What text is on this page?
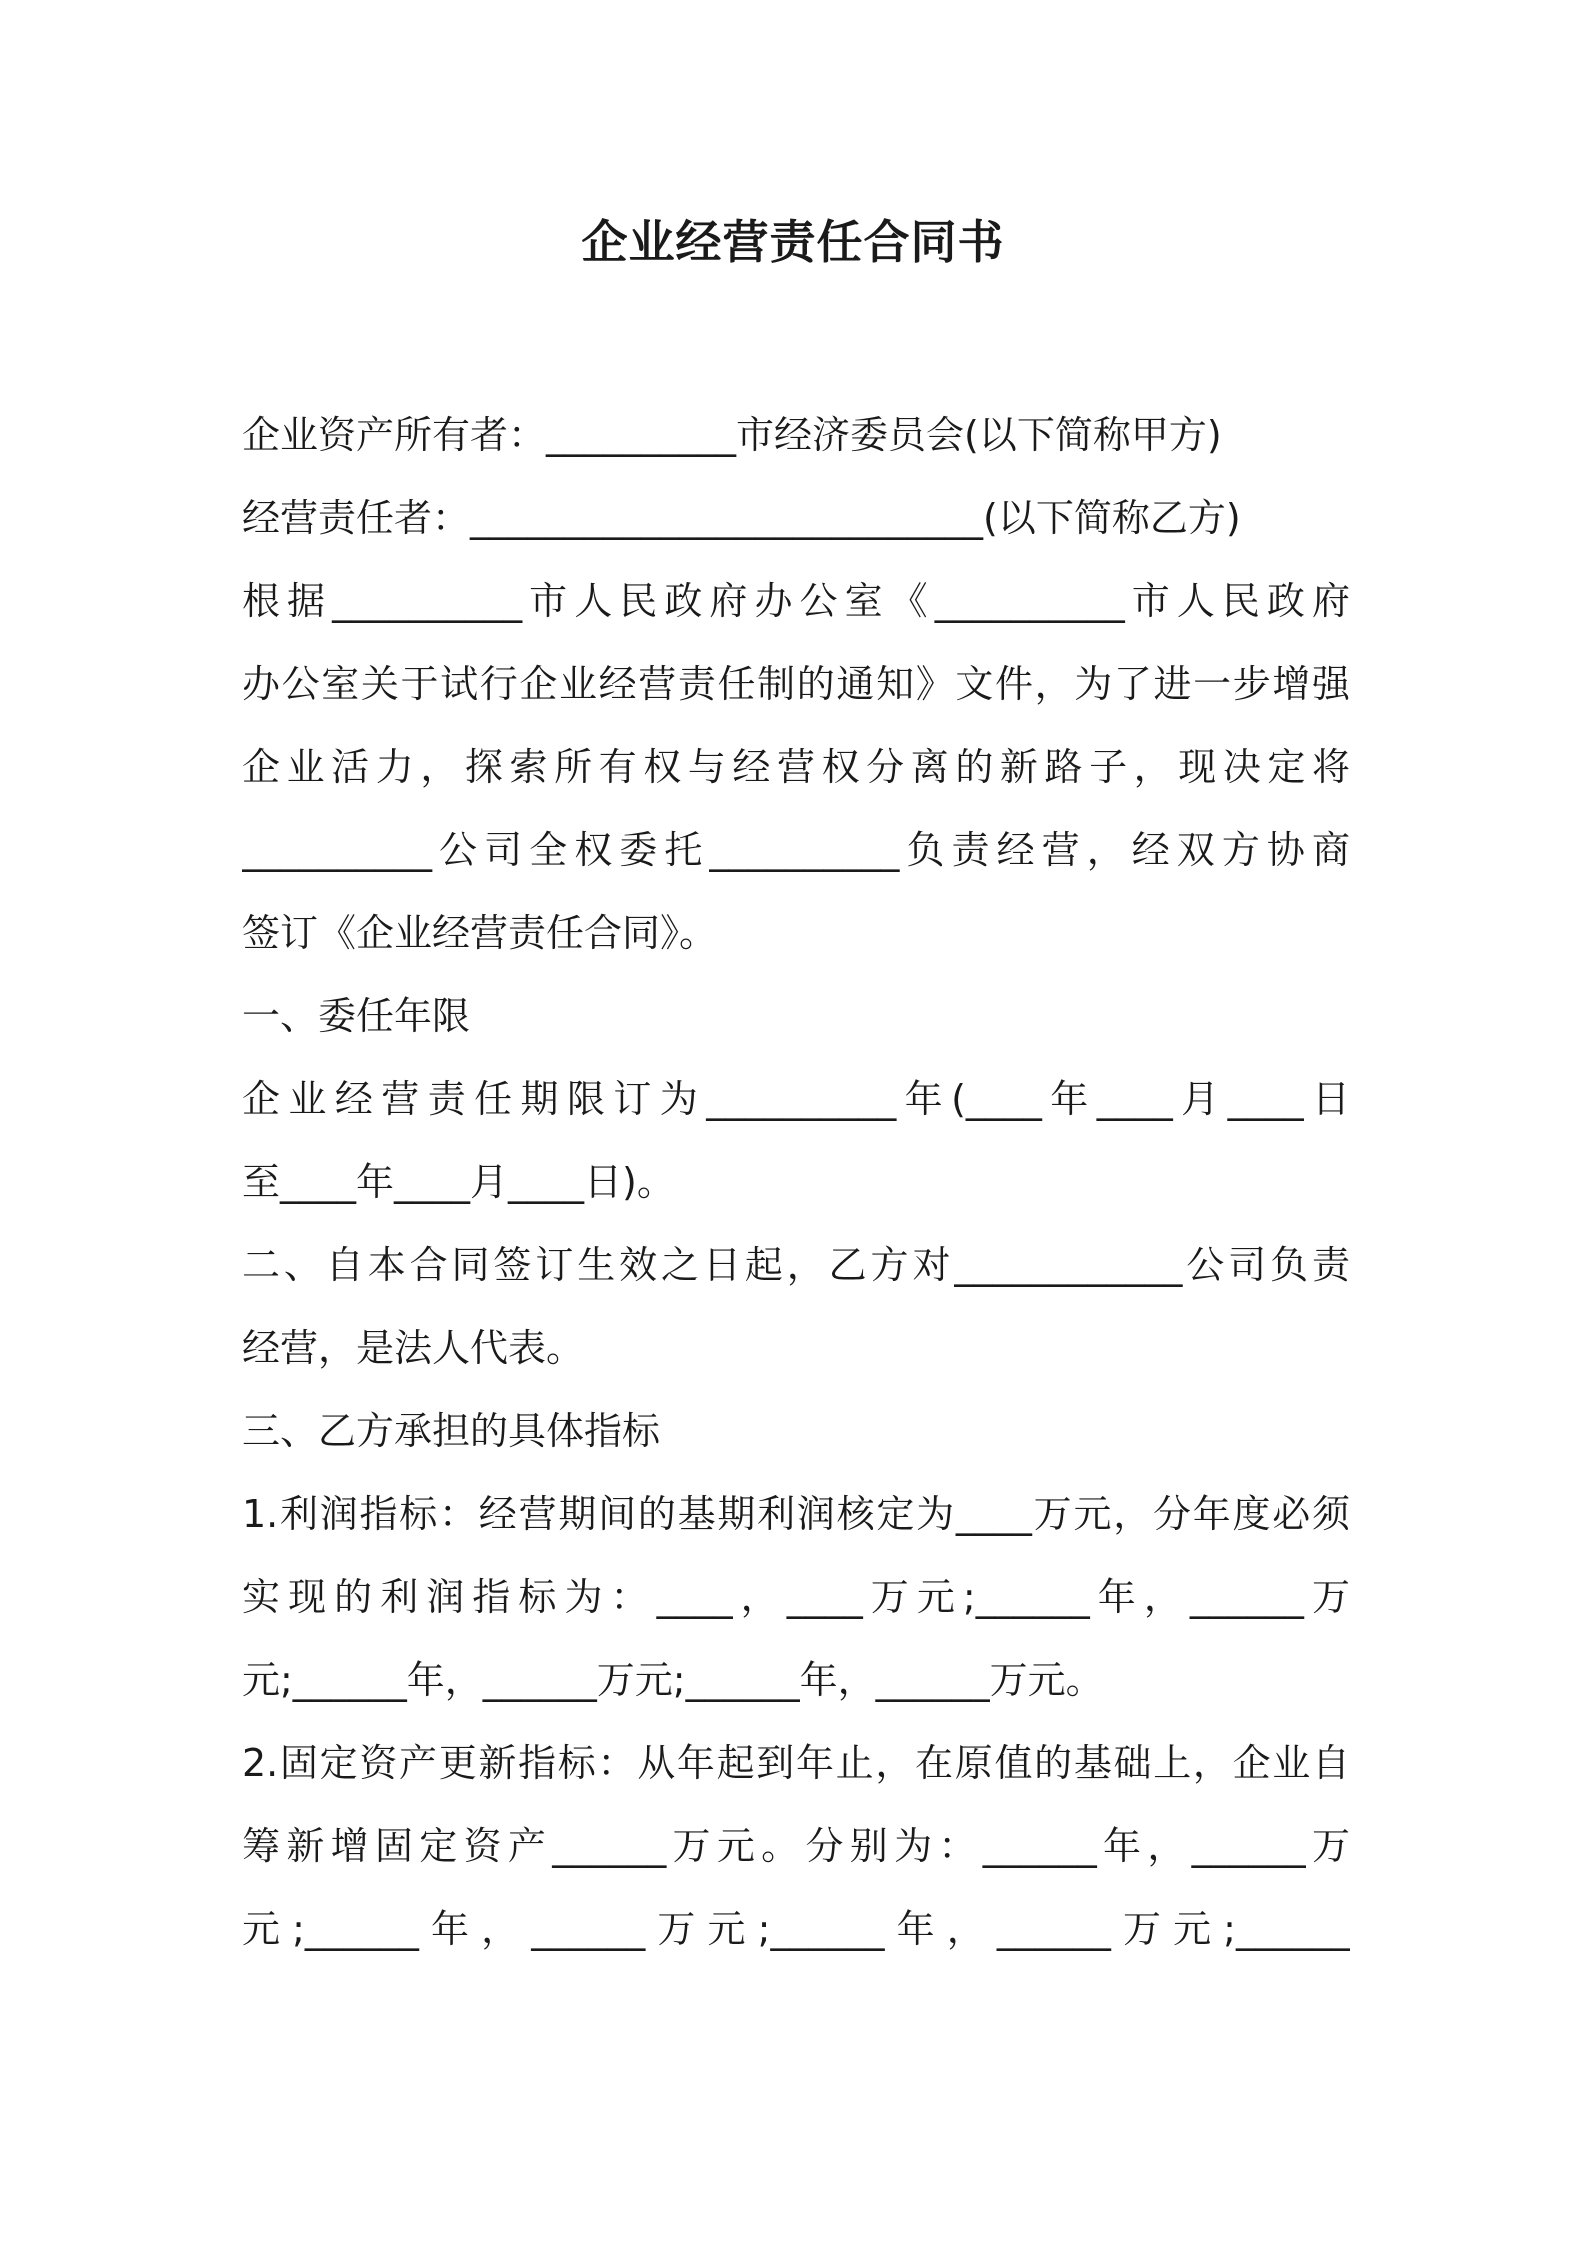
企业经营责任合同书
企业资产所有者：__________市经济委员会(以下简称甲方)
经营责任者：___________________________(以下简称乙方)
根据__________市人民政府办公室《__________市人民政府
办公室关于试行企业经营责任制的通知》文件，为了进一步增强
企业活力，探索所有权与经营权分离的新路子，现决定将
__________公司全权委托__________负责经营，经双方协商
签订《企业经营责任合同》。
一、委任年限
企业经营责任期限订为__________年(____年____月____日
至____年____月____日)。
二、自本合同签订生效之日起，乙方对____________公司负责
经营，是法人代表。
三、乙方承担的具体指标
1.利润指标：经营期间的基期利润核定为____万元，分年度必须
实现的利润指标为：____，____万元;______年，______万
元;______年，______万元;______年，______万元。
2.固定资产更新指标：从年起到年止，在原值的基础上，企业自
筹新增固定资产______万元。分别为：______年，______万
元;______年，______万元;______年，______万元;______
